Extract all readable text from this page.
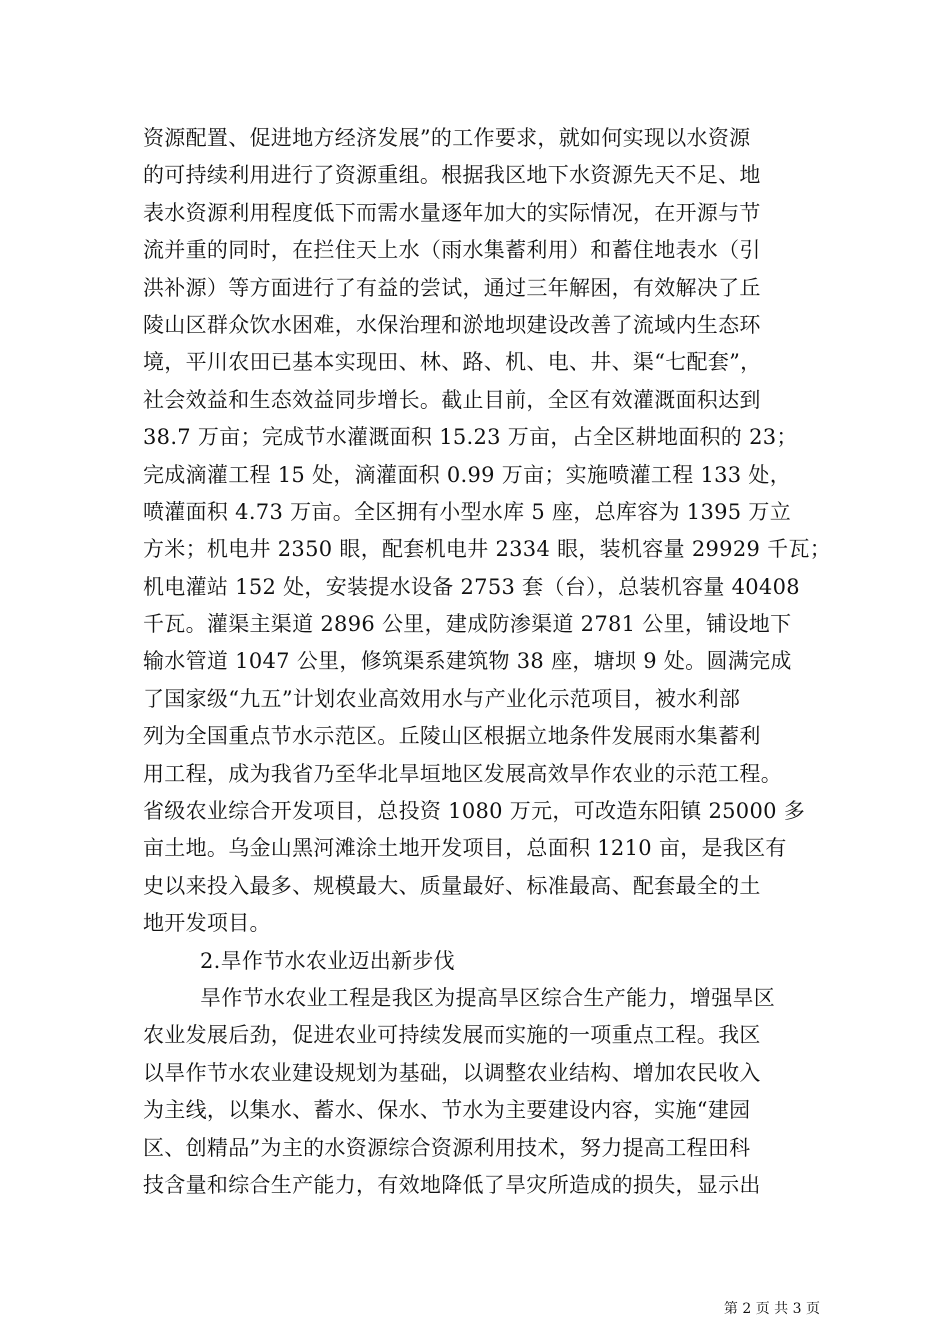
资源配置、促进地方经济发展”的工作要求，就如何实现以水资源
的可持续利用进行了资源重组。根据我区地下水资源先天不足、地
表水资源利用程度低下而需水量逐年加大的实际情况，在开源与节
流并重的同时，在拦住天上水（雨水集蓄利用）和蓄住地表水（引
洪补源）等方面进行了有益的尝试，通过三年解困，有效解决了丘
陵山区群众饮水困难，水保治理和淤地坝建设改善了流域内生态环
境，平川农田已基本实现田、林、路、机、电、井、渠“七配套”，
社会效益和生态效益同步增长。截止目前，全区有效灌溉面积达到
38.7 万亩；完成节水灌溉面积 15.23 万亩，占全区耕地面积的 23；
完成滴灌工程 15 处，滴灌面积 0.99 万亩；实施喷灌工程 133 处，
喷灌面积 4.73 万亩。全区拥有小型水库 5 座，总库容为 1395 万立
方米；机电井 2350 眼，配套机电井 2334 眼，装机容量 29929 千瓦；
机电灌站 152 处，安装提水设备 2753 套（台），总装机容量 40408
千瓦。灌渠主渠道 2896 公里，建成防渗渠道 2781 公里，铺设地下
输水管道 1047 公里，修筑渠系建筑物 38 座，塘坝 9 处。圆满完成
了国家级“九五”计划农业高效用水与产业化示范项目，被水利部
列为全国重点节水示范区。丘陵山区根据立地条件发展雨水集蓄利
用工程，成为我省乃至华北旱垣地区发展高效旱作农业的示范工程。
省级农业综合开发项目，总投资 1080 万元，可改造东阳镇 25000 多
亩土地。乌金山黑河滩涂土地开发项目，总面积 1210 亩，是我区有
史以来投入最多、规模最大、质量最好、标准最高、配套最全的土
地开发项目。
2.旱作节水农业迈出新步伐
旱作节水农业工程是我区为提高旱区综合生产能力，增强旱区
农业发展后劲，促进农业可持续发展而实施的一项重点工程。我区
以旱作节水农业建设规划为基础，以调整农业结构、增加农民收入
为主线，以集水、蓄水、保水、节水为主要建设内容，实施“建园
区、创精品”为主的水资源综合资源利用技术，努力提高工程田科
技含量和综合生产能力，有效地降低了旱灾所造成的损失，显示出
第 2 页 共 3 页
